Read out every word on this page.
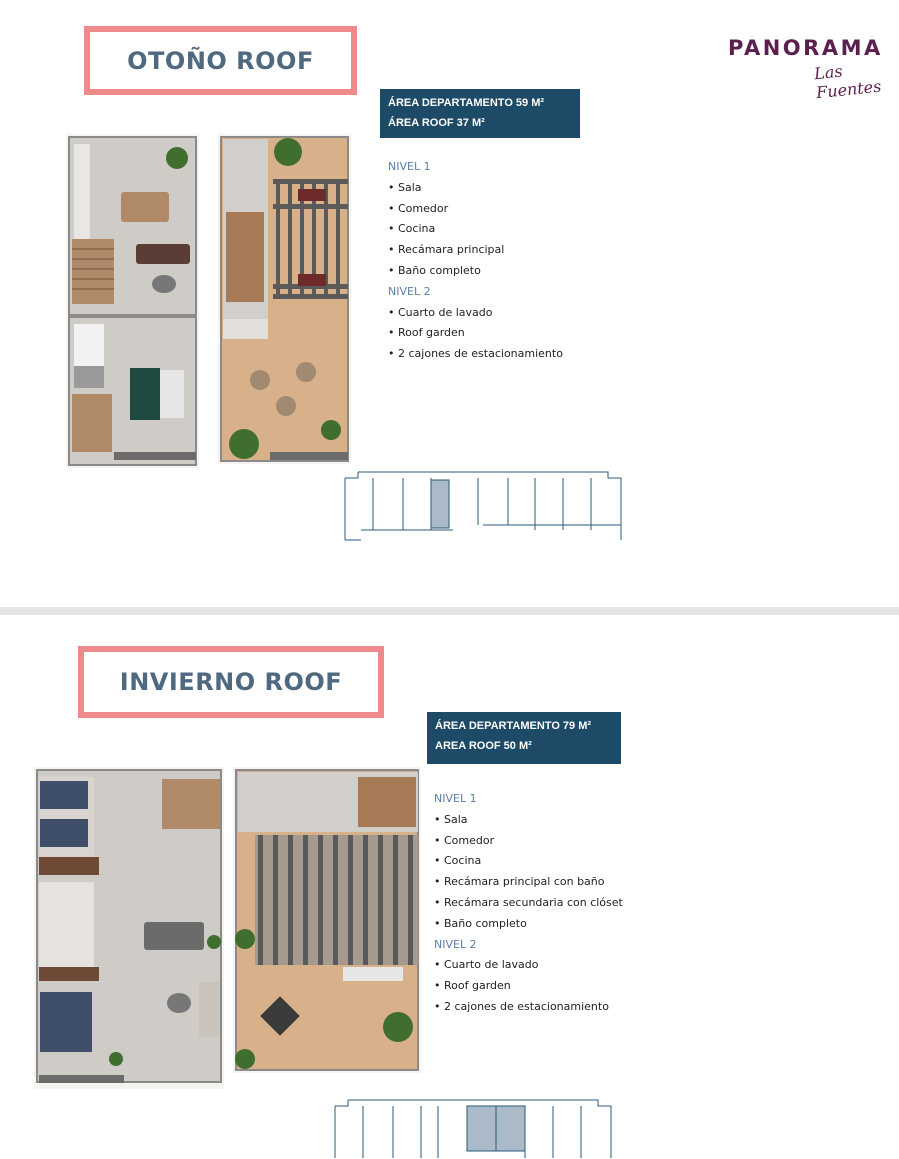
PANORAMA
Las Fuentes
OTOÑO ROOF
ÁREA DEPARTAMENTO 59 M²
ÁREA ROOF 37 M²
NIVEL 1
• Sala
• Comedor
• Cocina
• Recámara principal
• Baño completo
NIVEL 2
• Cuarto de lavado
• Roof garden
• 2 cajones de estacionamiento
INVIERNO ROOF
ÁREA DEPARTAMENTO 79 M²
AREA ROOF 50 M²
NIVEL 1
• Sala
• Comedor
• Cocina
• Recámara principal con baño
• Recámara secundaria con clóset
• Baño completo
NIVEL 2
• Cuarto de lavado
• Roof garden
• 2 cajones de estacionamiento
